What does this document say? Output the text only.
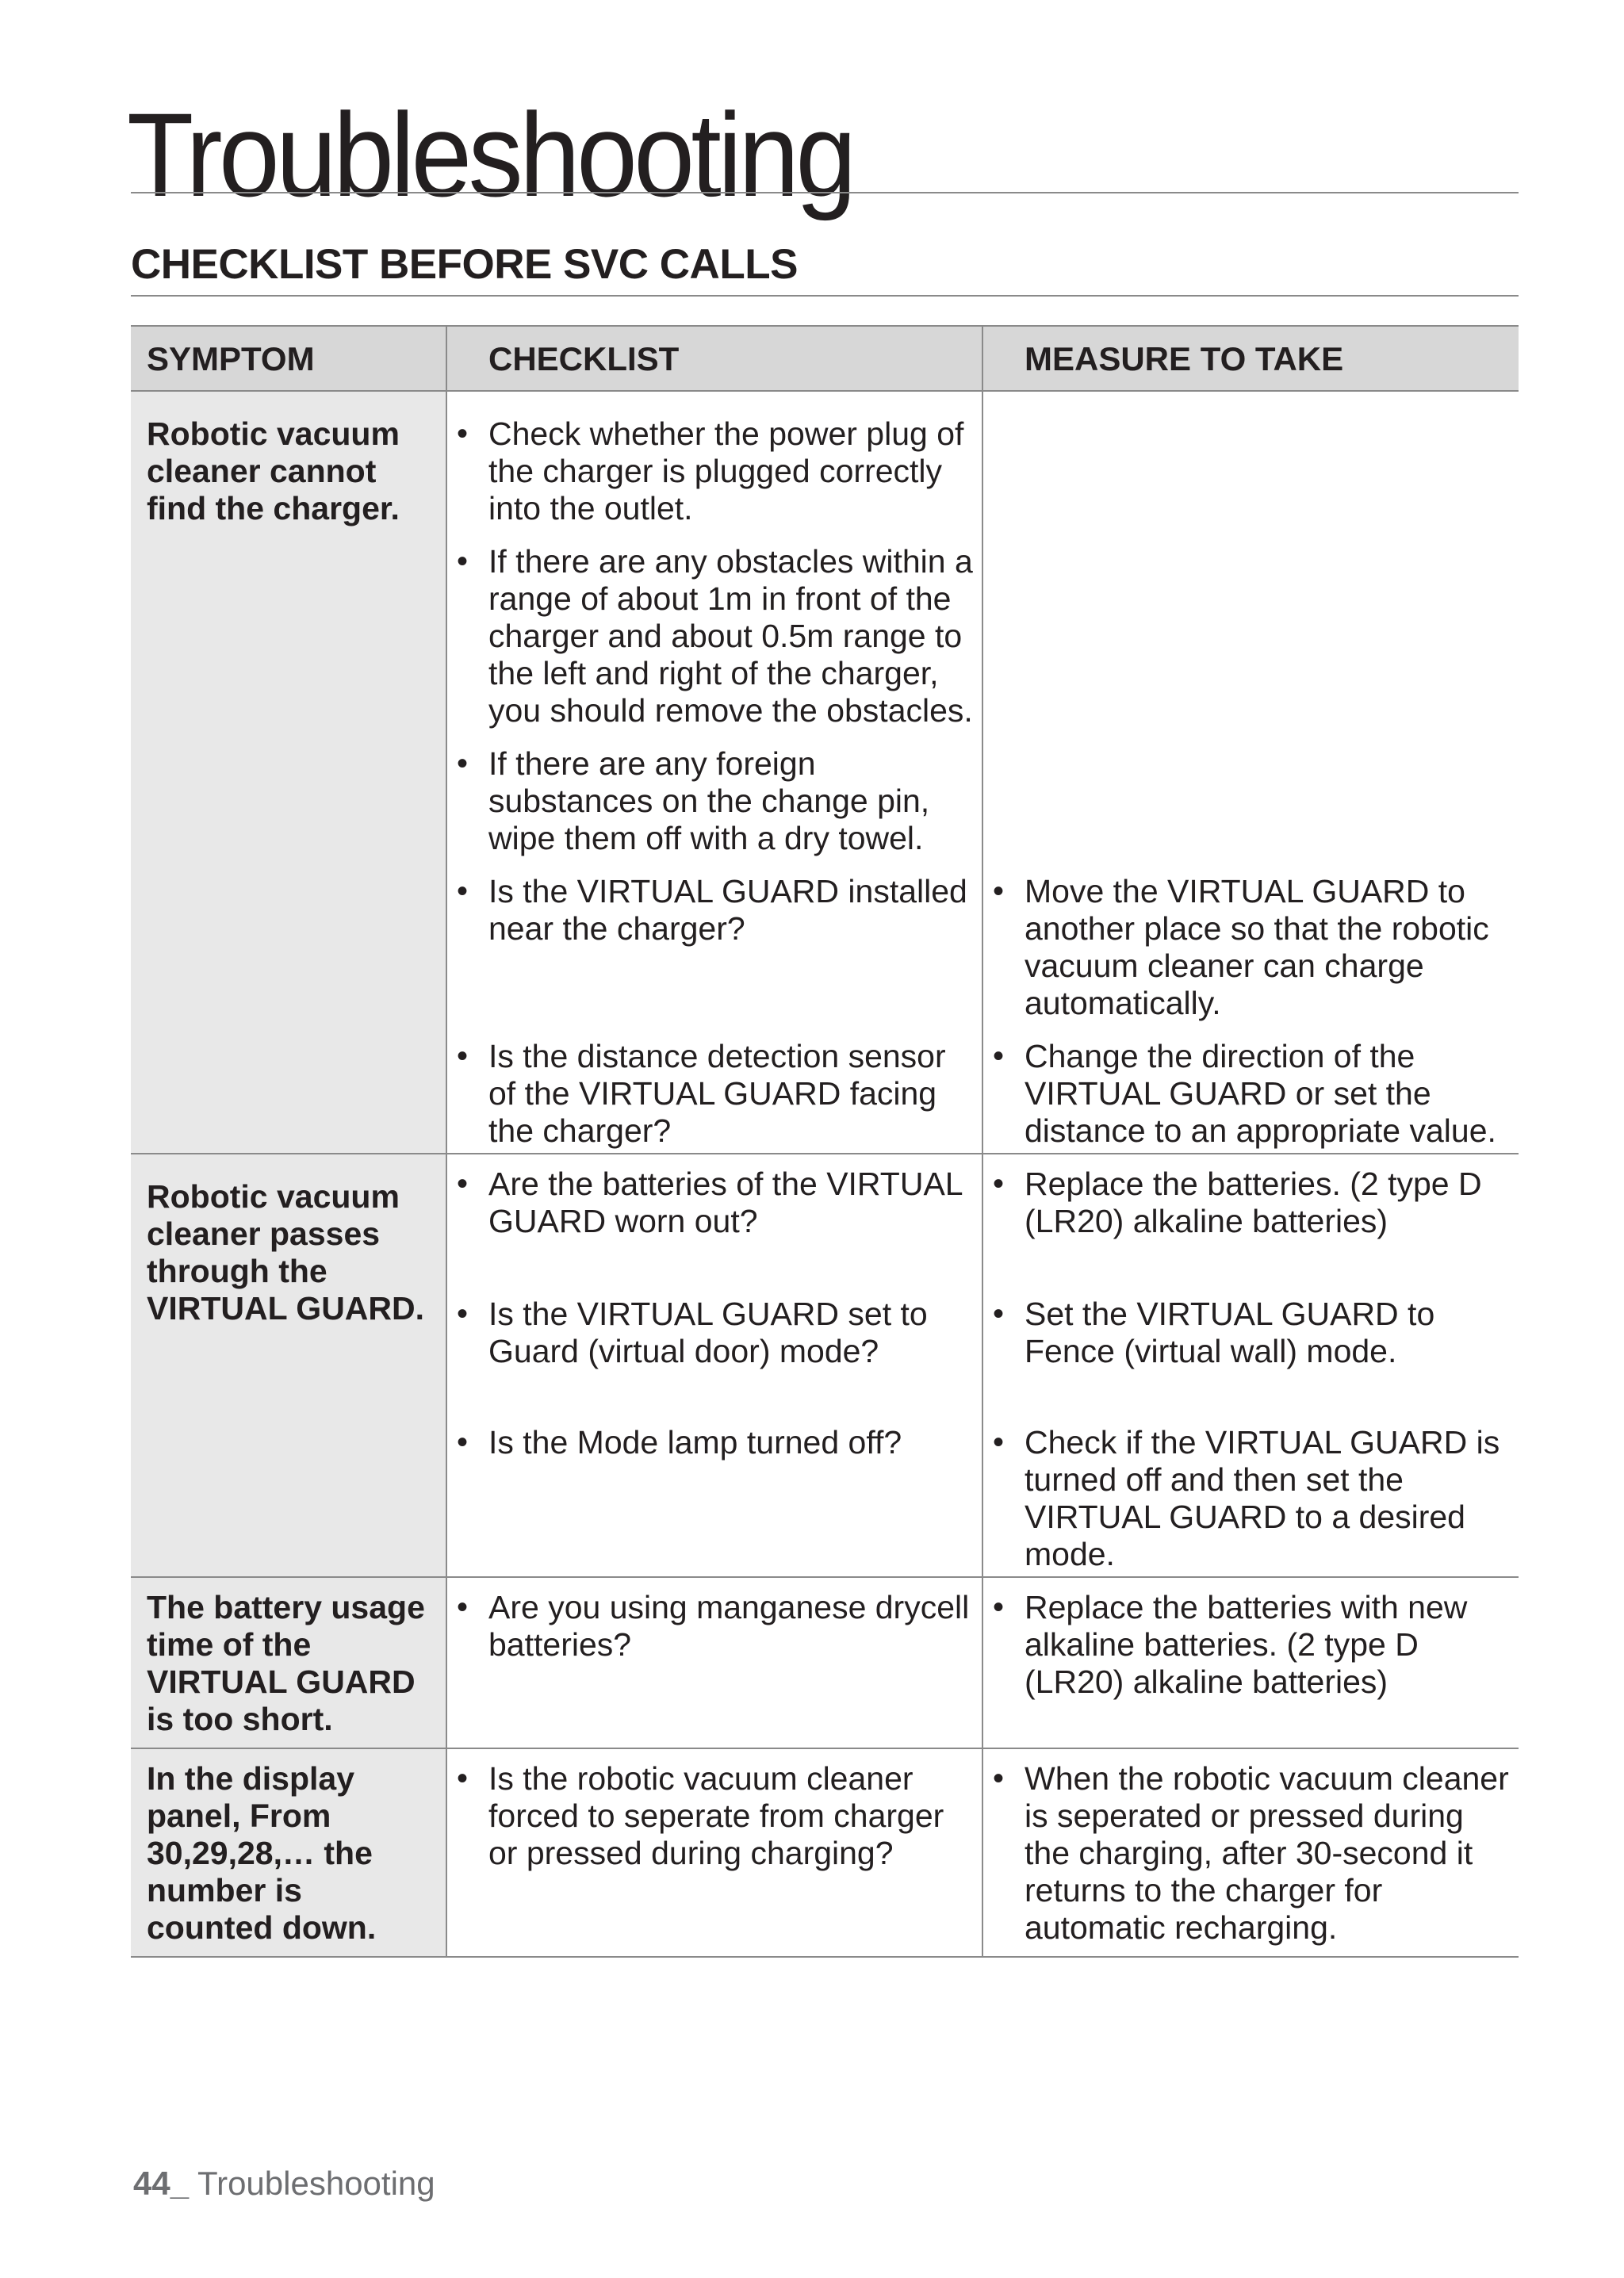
Troubleshooting
CHECKLIST BEFORE SVC CALLS
SYMPTOM	CHECKLIST	MEASURE TO TAKE
Robotic vacuum cleaner cannot find the charger.	• Check whether the power plug of the charger is plugged correctly into the outlet.

	• If there are any obstacles within a range of about 1m in front of the charger and about 0.5m range to the left and right of the charger, you should remove the obstacles.

	• If there are any foreign substances on the change pin, wipe them off with a dry towel.

	• Is the VIRTUAL GUARD installed near the charger?	• Move the VIRTUAL GUARD to another place so that the robotic vacuum cleaner can charge automatically.

	• Is the distance detection sensor of the VIRTUAL GUARD facing the charger?	• Change the direction of the VIRTUAL GUARD or set the distance to an appropriate value.

Robotic vacuum cleaner passes through the VIRTUAL GUARD.	• Are the batteries of the VIRTUAL GUARD worn out?	• Replace the batteries. (2 type D (LR20) alkaline batteries)

	• Is the VIRTUAL GUARD set to Guard (virtual door) mode?	• Set the VIRTUAL GUARD to Fence (virtual wall) mode.

	• Is the Mode lamp turned off?	• Check if the VIRTUAL GUARD is turned off and then set the VIRTUAL GUARD to a desired mode.

The battery usage time of the VIRTUAL GUARD is too short.	• Are you using manganese drycell batteries?	• Replace the batteries with new alkaline batteries. (2 type D (LR20) alkaline batteries)

In the display panel, From 30,29,28,… the number is counted down.	• Is the robotic vacuum cleaner forced to seperate from charger or pressed during charging?	• When the robotic vacuum cleaner is seperated or pressed during the charging, after 30-second it returns to the charger for automatic recharging.
44_ Troubleshooting
